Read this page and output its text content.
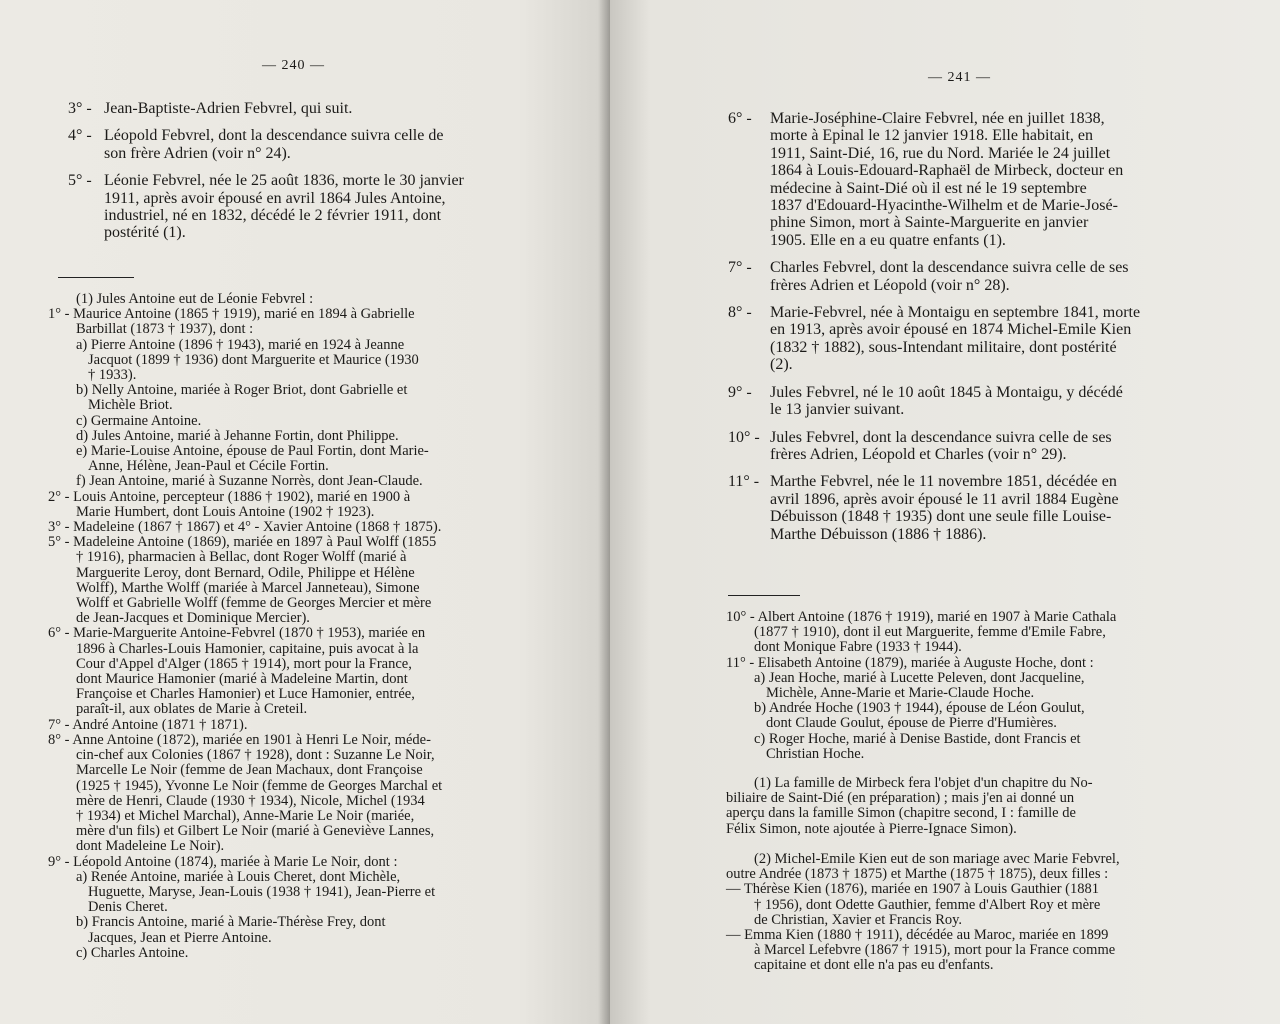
— 240 —
3° - Jean-Baptiste-Adrien Febvrel, qui suit.
4° - Léopold Febvrel, dont la descendance suivra celle de
son frère Adrien (voir n° 24).
5° - Léonie Febvrel, née le 25 août 1836, morte le 30 janvier
1911, après avoir épousé en avril 1864 Jules Antoine,
industriel, né en 1832, décédé le 2 février 1911, dont
postérité (1).
(1) Jules Antoine eut de Léonie Febvrel :
1° - Maurice Antoine (1865 † 1919), marié en 1894 à Gabrielle
Barbillat (1873 † 1937), dont :
a) Pierre Antoine (1896 † 1943), marié en 1924 à Jeanne
Jacquot (1899 † 1936) dont Marguerite et Maurice (1930
† 1933).
b) Nelly Antoine, mariée à Roger Briot, dont Gabrielle et
Michèle Briot.
c) Germaine Antoine.
d) Jules Antoine, marié à Jehanne Fortin, dont Philippe.
e) Marie-Louise Antoine, épouse de Paul Fortin, dont Marie-
Anne, Hélène, Jean-Paul et Cécile Fortin.
f) Jean Antoine, marié à Suzanne Norrès, dont Jean-Claude.
2° - Louis Antoine, percepteur (1886 † 1902), marié en 1900 à
Marie Humbert, dont Louis Antoine (1902 † 1923).
3° - Madeleine (1867 † 1867) et 4° - Xavier Antoine (1868 † 1875).
5° - Madeleine Antoine (1869), mariée en 1897 à Paul Wolff (1855
† 1916), pharmacien à Bellac, dont Roger Wolff (marié à
Marguerite Leroy, dont Bernard, Odile, Philippe et Hélène
Wolff), Marthe Wolff (mariée à Marcel Janneteau), Simone
Wolff et Gabrielle Wolff (femme de Georges Mercier et mère
de Jean-Jacques et Dominique Mercier).
6° - Marie-Marguerite Antoine-Febvrel (1870 † 1953), mariée en
1896 à Charles-Louis Hamonier, capitaine, puis avocat à la
Cour d'Appel d'Alger (1865 † 1914), mort pour la France,
dont Maurice Hamonier (marié à Madeleine Martin, dont
Françoise et Charles Hamonier) et Luce Hamonier, entrée,
paraît-il, aux oblates de Marie à Creteil.
7° - André Antoine (1871 † 1871).
8° - Anne Antoine (1872), mariée en 1901 à Henri Le Noir, méde-
cin-chef aux Colonies (1867 † 1928), dont : Suzanne Le Noir,
Marcelle Le Noir (femme de Jean Machaux, dont Françoise
(1925 † 1945), Yvonne Le Noir (femme de Georges Marchal et
mère de Henri, Claude (1930 † 1934), Nicole, Michel (1934
† 1934) et Michel Marchal), Anne-Marie Le Noir (mariée,
mère d'un fils) et Gilbert Le Noir (marié à Geneviève Lannes,
dont Madeleine Le Noir).
9° - Léopold Antoine (1874), mariée à Marie Le Noir, dont :
a) Renée Antoine, mariée à Louis Cheret, dont Michèle,
Huguette, Maryse, Jean-Louis (1938 † 1941), Jean-Pierre et
Denis Cheret.
b) Francis Antoine, marié à Marie-Thérèse Frey, dont
Jacques, Jean et Pierre Antoine.
c) Charles Antoine.
— 241 —
6° -	Marie-Joséphine-Claire Febvrel, née en juillet 1838,
morte à Epinal le 12 janvier 1918. Elle habitait, en
1911, Saint-Dié, 16, rue du Nord. Mariée le 24 juillet
1864 à Louis-Edouard-Raphaël de Mirbeck, docteur en
médecine à Saint-Dié où il est né le 19 septembre
1837 d'Edouard-Hyacinthe-Wilhelm et de Marie-José-
phine Simon, mort à Sainte-Marguerite en janvier
1905. Elle en a eu quatre enfants (1).
7° -	Charles Febvrel, dont la descendance suivra celle de ses
frères Adrien et Léopold (voir n° 28).
8° -	Marie-Febvrel, née à Montaigu en septembre 1841, morte
en 1913, après avoir épousé en 1874 Michel-Emile Kien
(1832 † 1882), sous-Intendant militaire, dont postérité
(2).
9° -	Jules Febvrel, né le 10 août 1845 à Montaigu, y décédé
le 13 janvier suivant.
10° - Jules Febvrel, dont la descendance suivra celle de ses
frères Adrien, Léopold et Charles (voir n° 29).
11° - Marthe Febvrel, née le 11 novembre 1851, décédée en
avril 1896, après avoir épousé le 11 avril 1884 Eugène
Débuisson (1848 † 1935) dont une seule fille Louise-
Marthe Débuisson (1886 † 1886).
10° - Albert Antoine (1876 † 1919), marié en 1907 à Marie Cathala
(1877 † 1910), dont il eut Marguerite, femme d'Emile Fabre,
dont Monique Fabre (1933 † 1944).
11° - Elisabeth Antoine (1879), mariée à Auguste Hoche, dont :
a) Jean Hoche, marié à Lucette Peleven, dont Jacqueline,
Michèle, Anne-Marie et Marie-Claude Hoche.
b) Andrée Hoche (1903 † 1944), épouse de Léon Goulut,
dont Claude Goulut, épouse de Pierre d'Humières.
c) Roger Hoche, marié à Denise Bastide, dont Francis et
Christian Hoche.
(1) La famille de Mirbeck fera l'objet d'un chapitre du No-
biliaire de Saint-Dié (en préparation) ; mais j'en ai donné un
aperçu dans la famille Simon (chapitre second, I : famille de
Félix Simon, note ajoutée à Pierre-Ignace Simon).
(2) Michel-Emile Kien eut de son mariage avec Marie Febvrel,
outre Andrée (1873 † 1875) et Marthe (1875 † 1875), deux filles :
— Thérèse Kien (1876), mariée en 1907 à Louis Gauthier (1881
† 1956), dont Odette Gauthier, femme d'Albert Roy et mère
de Christian, Xavier et Francis Roy.
— Emma Kien (1880 † 1911), décédée au Maroc, mariée en 1899
à Marcel Lefebvre (1867 † 1915), mort pour la France comme
capitaine et dont elle n'a pas eu d'enfants.
